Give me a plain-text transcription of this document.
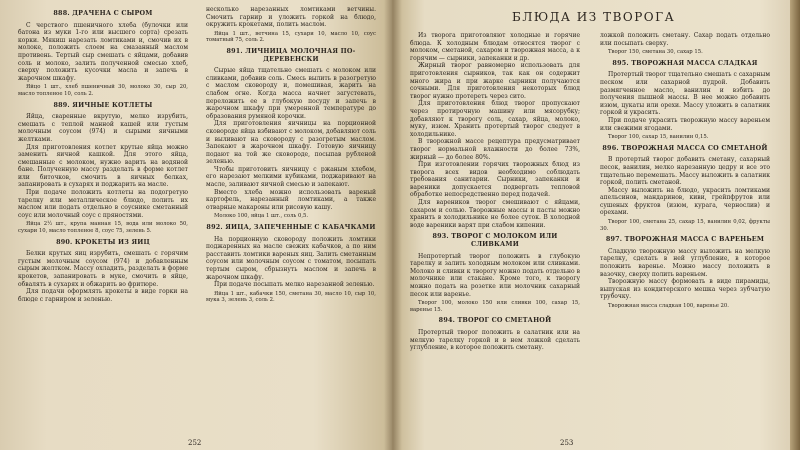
888. ДРАЧЕНА С СЫРОМ

С черствого пшеничного хлеба (булочки или батона из муки 1-го или высшего сорта) срезать корки. Мякиш нарезать ломтиками и, смочив их в молоке, положить слоем на смазанный маслом противень. Тертый сыр смешать с яйцами, добавив соль и молоко, залить полученной смесью хлеб, сверху положить кусочки масла и запечь в жарочном шкафу.

Яйцо 1 шт., хлеб пшеничный 30, молоко 30, сыр 20, масло топленое 10, соль 2.

889. ЯИЧНЫЕ КОТЛЕТЫ

Яйца, сваренные вкрутую, мелко изрубить, смешать с теплой манной кашей или густым молочным соусом (974) и сырыми яичными желтками.

Для приготовления котлет крутые яйца можно заменить яичной кашкой. Для этого яйца, смешанные с молоком, нужно варить на водяной бане. Полученную массу разделать в форме котлет или биточков, смочить в яичных белках, запанировать в сухарях и поджарить на масле.

При подаче положить котлеты на подогретую тарелку или металлическое блюдо, полить их маслом или подать отдельно в соуснике сметанный соус или молочный соус с пряностями.

Яйца 2½ шт., крупа манная 15, вода или молоко 50, сухари 10, масло топленое 8, соус 75, зелень 5.

890. КРОКЕТЫ ИЗ ЯИЦ

Белки крутых яиц изрубить, смешать с горячим густым молочным соусом (974) и добавленным сырым желтком. Массу охладить, разделать в форме крокетов, запанировать в муке, смочить в яйце, обвалять в сухарях и обжарить во фритюре.

Для подачи оформлять крокеты в виде горки на блюде с гарниром и зеленью.

несколько нарезанных ломтиками ветчины. Смочить гарнир и уложить горкой на блюдо, окружить крокетами, полить маслом.

Яйца 1 шт., ветчина 15, сухари 10, масло 10, соус томатный 75, соль 2.

891. ЛИЧНИЦА МОЛОЧНАЯ ПО-ДЕРЕВЕНСКИ

Сырые яйца тщательно смешать с молоком или сливками, добавив соль. Смесь вылить в разогретую с маслом сковороду и, помешивая, жарить на слабом огне. Когда масса начнет загустевать, переложить ее в глубокую посуду и запечь в жарочном шкафу при умеренной температуре до образования румяной корочки.

Для приготовления яичницы на порционной сковороде яйца взбивают с молоком, добавляют соль и выливают на сковороду с разогретым маслом. Запекают в жарочном шкафу. Готовую яичницу подают на той же сковороде, посыпав рубленой зеленью.

Чтобы приготовить яичницу с ржаным хлебом, его нарезают мелкими кубиками, поджаривают на масле, заливают яичной смесью и запекают.

Вместо хлеба можно использовать вареный картофель, нарезанный ломтиками, а также отварные макароны или рисовую кашу.

Молоко 100, яйца 1 шт., соль 0,5.

892. ЯИЦА, ЗАПЕЧЕННЫЕ С КАБАЧКАМИ

На порционную сковороду положить ломтики поджаренных на масле свежих кабачков, а по ним расставить ломтики вареных яиц. Залить сметанным соусом или молочным соусом с томатом, посыпать тертым сыром, сбрызнуть маслом и запечь в жарочном шкафу.

При подаче посыпать мелко нарезанной зеленью.

Яйца 1 шт., кабачки 150, сметана 30, масло 10, сыр 10, мука 3, зелень 3, соль 2.

252
БЛЮДА ИЗ ТВОРОГА

Из творога приготовляют холодные и горячие блюда. К холодным блюдам относятся творог с молоком, сметаной, сахаром и творожная масса, а к горячим — сырники, запеканки и др.

Жирный творог равномерно использовать для приготовления сырников, так как он содержит много жира и при жарке сырники получаются сочными. Для приготовления некоторых блюд творог нужно протереть через сито.

Для приготовления блюд творог пропускают через протирочную машину или мясорубку; добавляют к творогу соль, сахар, яйца, молоко, муку, изюм. Хранить протертый творог следует в холодильнике.

В творожной массе рецептура предусматривает творог нормальной влажности до более 73%, жирный — до более 80%.

При изготовлении горячих творожных блюд из творога всех видов необходимо соблюдать требования санитарии. Сырники, запеканки и вареники допускается подвергать тепловой обработке непосредственно перед подачей.

Для вареников творог смешивают с яйцами, сахаром и солью. Творожные массы и пасты можно хранить в холодильнике не более суток. В холодной воде вареники варят при слабом кипении.

893. ТВОРОГ С МОЛОКОМ ИЛИ СЛИВКАМИ

Непротертый творог положить в глубокую тарелку и залить холодным молоком или сливками. Молоко и сливки к творогу можно подать отдельно в молочнике или стакане. Кроме того, к творогу можно подать на розетке или молочник сахарный песок или варенье.

Творог 100, молоко 150 или сливки 100, сахар 15, варенье 15.

894. ТВОРОГ СО СМЕТАНОЙ

Протертый творог положить в салатник или на мелкую тарелку горкой и в нем ложкой сделать углубление, в которое положить сметану.

ложкой положить сметану. Сахар подать отдельно или посыпать сверху.

Творог 150, сметана 30, сахар 15.

895. ТВОРОЖНАЯ МАССА СЛАДКАЯ

Протертый творог тщательно смешать с сахарным песком или сахарной пудрой. Добавить размягченное масло, ванилин и взбить до получения пышной массы. В нее можно добавить изюм, цукаты или орехи. Массу уложить в салатник горкой и украсить.

При подаче украсить творожную массу вареньем или свежими ягодами.

Творог 100, сахар 15, ванилин 0,15.

896. ТВОРОЖНАЯ МАССА СО СМЕТАНОЙ

В протертый творог добавить сметану, сахарный песок, ванилин, мелко нарезанную цедру и все это тщательно перемешать. Массу выложить в салатник горкой, полить сметаной.

Массу выложить на блюдо, украсить ломтиками апельсинов, мандаринов, киви, грейпфрутов или сушеных фруктов (изюм, курага, чернослив) и орехами.

Творог 100, сметана 25, сахар 15, ванилин 0,02, фрукты 30.

897. ТВОРОЖНАЯ МАССА С ВАРЕНЬЕМ

Сладкую творожную массу выложить на мелкую тарелку, сделать в ней углубление, в которое положить варенье. Можно массу положить в вазочку, сверху полить вареньем.

Творожную массу формовать в виде пирамиды, выпуская из кондитерского мешка через зубчатую трубочку.

Творожная масса сладкая 100, варенье 20.

253
